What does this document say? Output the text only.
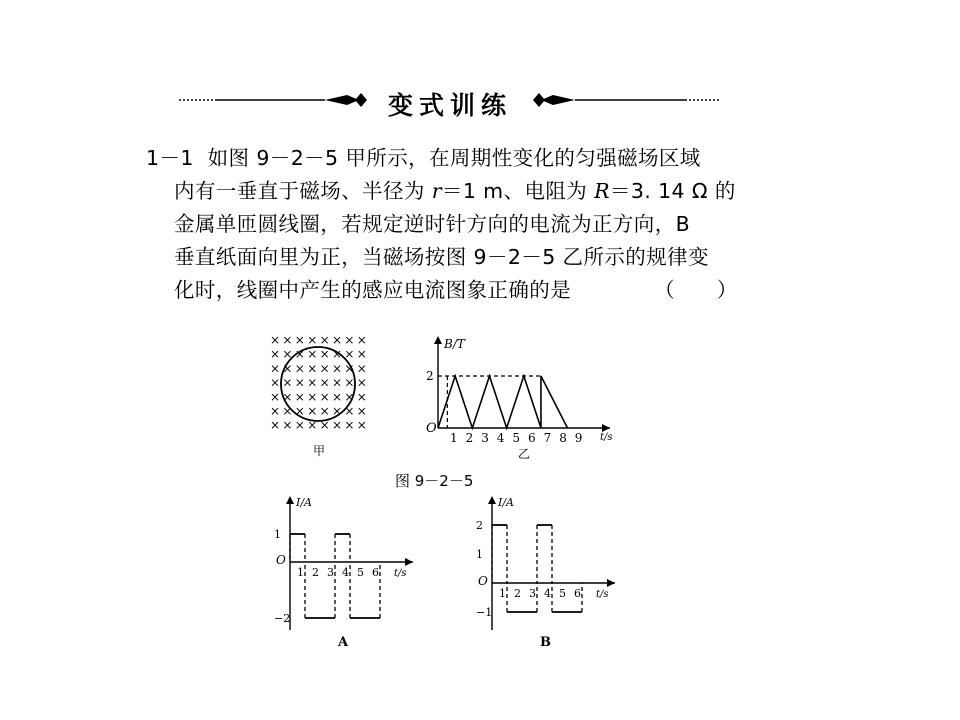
变式训练
1－1 如图 9－2－5 甲所示，在周期性变化的匀强磁场区域
内有一垂直于磁场、半径为 r＝1 m、电阻为 R＝3. 14 Ω 的
金属单匝圆线圈，若规定逆时针方向的电流为正方向，B
垂直纸面向里为正，当磁场按图 9－2－5 乙所示的规律变
化时，线圈中产生的感应电流图象正确的是	（　　）
× × × × × × × ×
× × × × × × × ×
× × × × × × × ×
× × × × × × × ×
× × × × × × × ×
× × × × × × × ×
× × × × × × × ×
甲
B/T
t/s
O
2
1 2 3 4 5 6 7 8 9
乙
图 9－2－5
I/A
t/s
O
1
−2
1 2 3 4 5 6
A
I/A
t/s
O
2
1
−1
1 2 3 4 5 6
B
